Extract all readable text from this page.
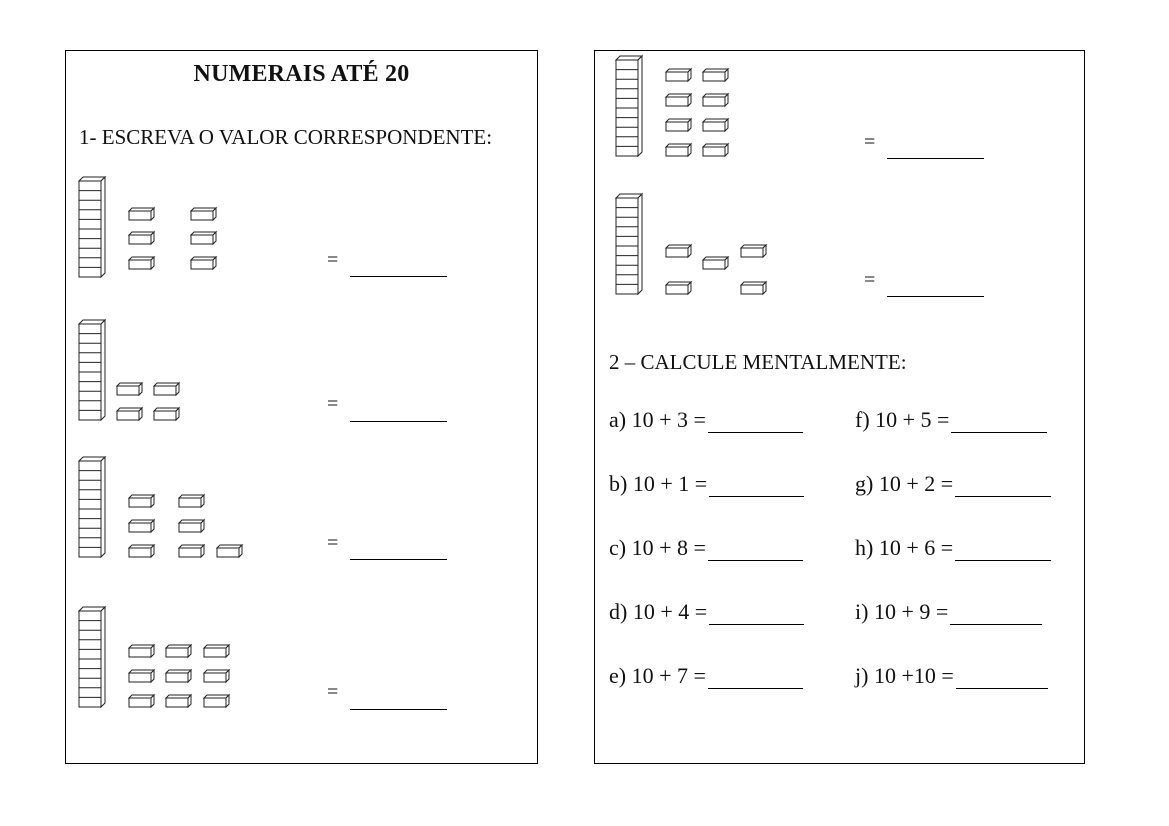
NUMERAIS ATÉ 20
1- ESCREVA O VALOR CORRESPONDENTE:
=
=
=
=
=
=
2 – CALCULE MENTALMENTE:
a) 10 + 3 =	f) 10 + 5 =
b) 10 + 1 =	g) 10 + 2 =
c) 10 + 8 =	h) 10 + 6 =
d) 10 + 4 =	i) 10 + 9 =
e) 10 + 7 =	j) 10 +10 =
